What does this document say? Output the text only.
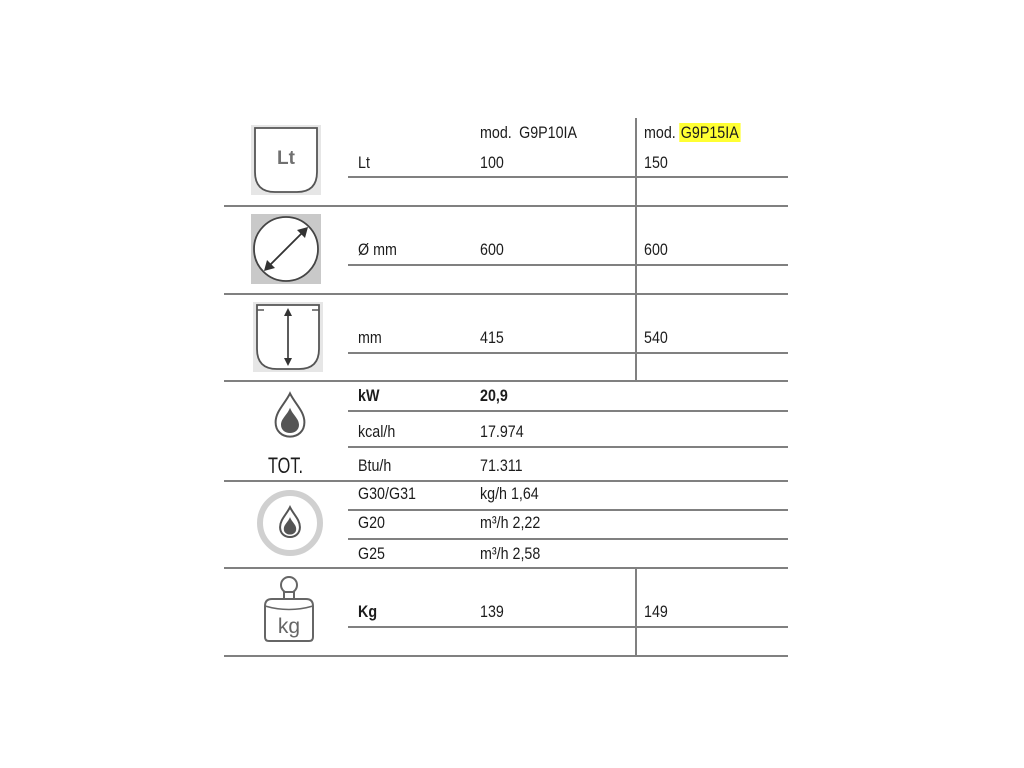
Lt
mod. G9P10IA	mod. G9P15IA
Lt	100	150
Ø mm	600	600
mm	415	540
TOT.
kW	20,9
kcal/h	17.974
Btu/h	71.311
G30/G31	kg/h 1,64
G20	m³/h 2,22
G25	m³/h 2,58
kg
Kg	139	149
